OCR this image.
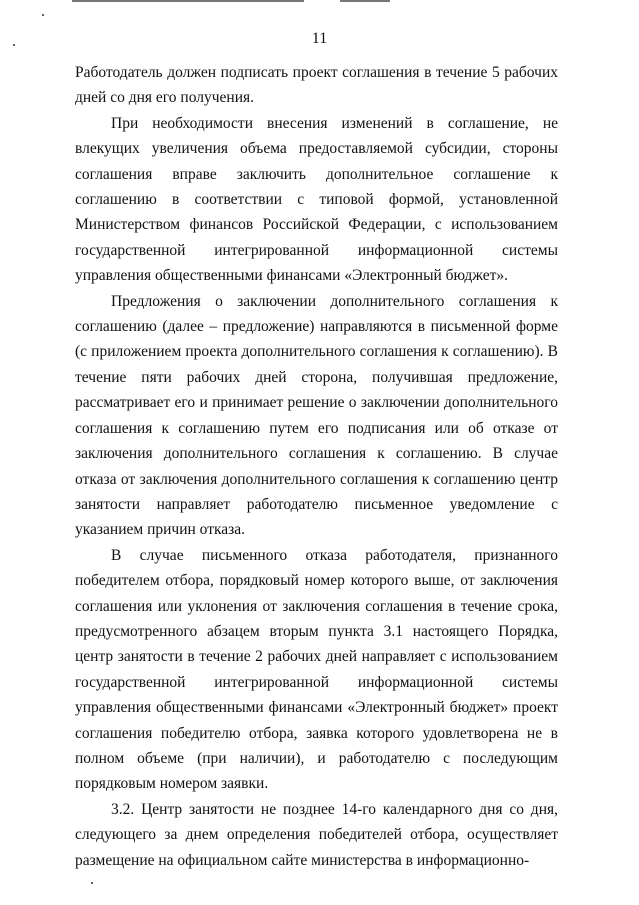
11

Работодатель должен подписать проект соглашения в течение 5 рабочих дней со дня его получения.

При необходимости внесения изменений в соглашение, не влекущих увеличения объема предоставляемой субсидии, стороны соглашения вправе заключить дополнительное соглашение к соглашению в соответствии с типовой формой, установленной Министерством финансов Российской Федерации, с использованием государственной интегрированной информационной системы управления общественными финансами «Электронный бюджет».

Предложения о заключении дополнительного соглашения к соглашению (далее – предложение) направляются в письменной форме (с приложением проекта дополнительного соглашения к соглашению). В течение пяти рабочих дней сторона, получившая предложение, рассматривает его и принимает решение о заключении дополнительного соглашения к соглашению путем его подписания или об отказе от заключения дополнительного соглашения к соглашению. В случае отказа от заключения дополнительного соглашения к соглашению центр занятости направляет работодателю письменное уведомление с указанием причин отказа.

В случае письменного отказа работодателя, признанного победителем отбора, порядковый номер которого выше, от заключения соглашения или уклонения от заключения соглашения в течение срока, предусмотренного абзацем вторым пункта 3.1 настоящего Порядка, центр занятости в течение 2 рабочих дней направляет с использованием государственной интегрированной информационной системы управления общественными финансами «Электронный бюджет» проект соглашения победителю отбора, заявка которого удовлетворена не в полном объеме (при наличии), и работодателю с последующим порядковым номером заявки.

3.2. Центр занятости не позднее 14-го календарного дня со дня, следующего за днем определения победителей отбора, осуществляет размещение на официальном сайте министерства в информационно-
